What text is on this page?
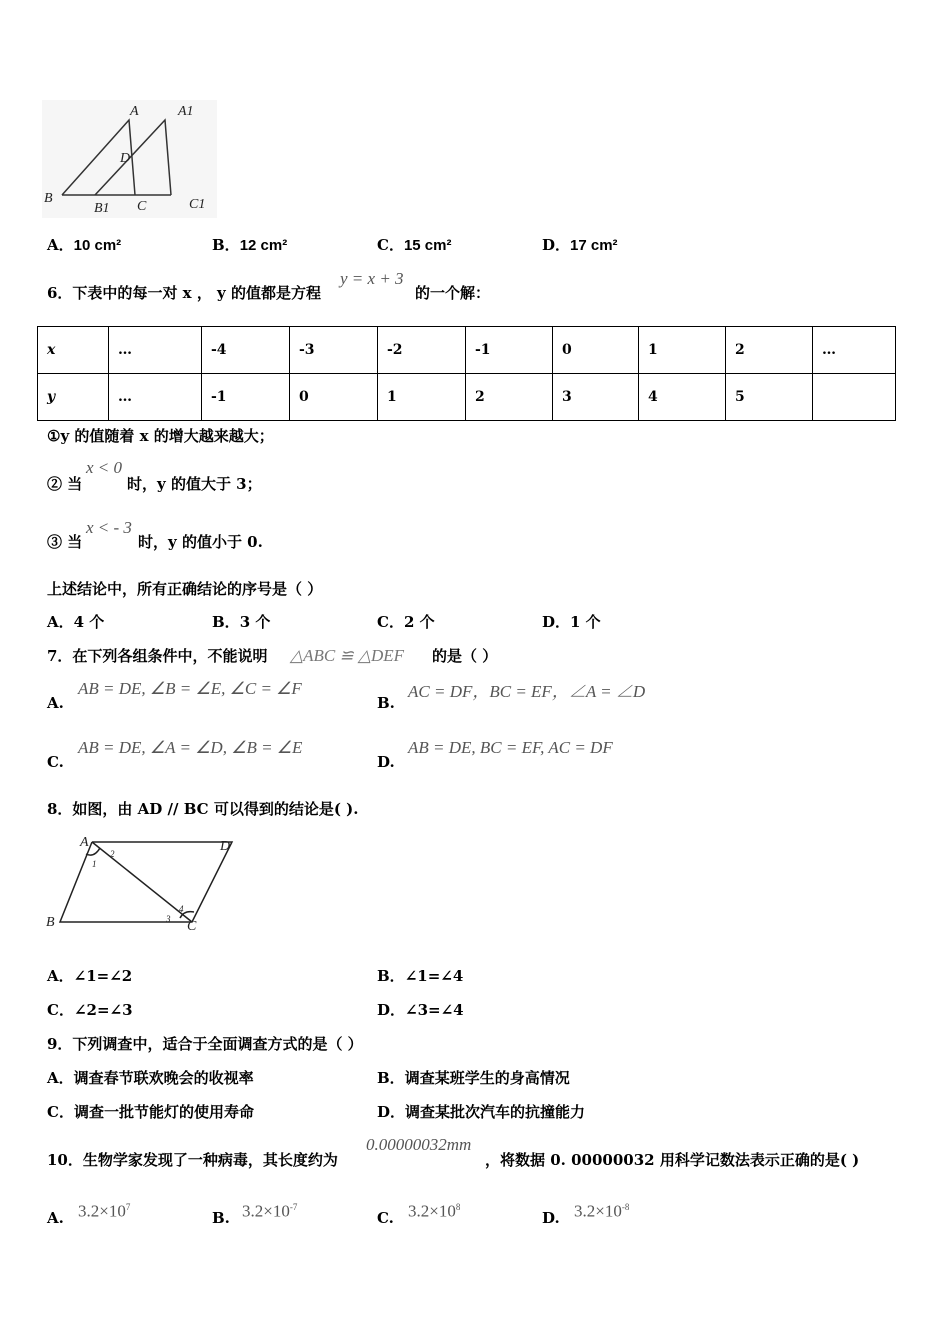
A	A1
D
B
B1 C	C1
A．10 cm²	B．12 cm²	C．15 cm²	D．17 cm²
6．下表中的每一对 x ， y 的值都是方程
y = x + 3
的一个解：
x	…	-4	-3	-2	-1	0	1	2	…
y	…	-1	0	1	2	3	4	5	
①y 的值随着 x 的增大越来越大；
② 当
x < 0
时，y 的值大于 3；
③ 当
x < - 3
时，y 的值小于 0.
上述结论中，所有正确结论的序号是（ ）
A．4 个	B．3 个	C．2 个	D．1 个
7．在下列各组条件中，不能说明 △ABC ≌ △DEF 的是（ ）
A.
AB = DE, ∠B = ∠E, ∠C = ∠F
B.
AC = DF，BC = EF，∠A = ∠D
C.
AB = DE, ∠A = ∠D, ∠B = ∠E
D.
AB = DE, BC = EF, AC = DF
8．如图，由 AD // BC 可以得到的结论是( ).
A	D
B	C
1
2
3
4
A．∠1=∠2	B．∠1=∠4
C．∠2=∠3	D．∠3=∠4
9．下列调查中，适合于全面调查方式的是（ ）
A．调查春节联欢晚会的收视率	B．调查某班学生的身高情况
C．调查一批节能灯的使用寿命	D．调查某批次汽车的抗撞能力
10．生物学家发现了一种病毒，其长度约为
0.00000032mm
，将数据 0. 00000032 用科学记数法表示正确的是( )
A. $3.2\times 10^7$
B. $3.2\times 10^{-7}$
C. $3.2\times 10^8$
D. $3.2\times 10^{-8}$
